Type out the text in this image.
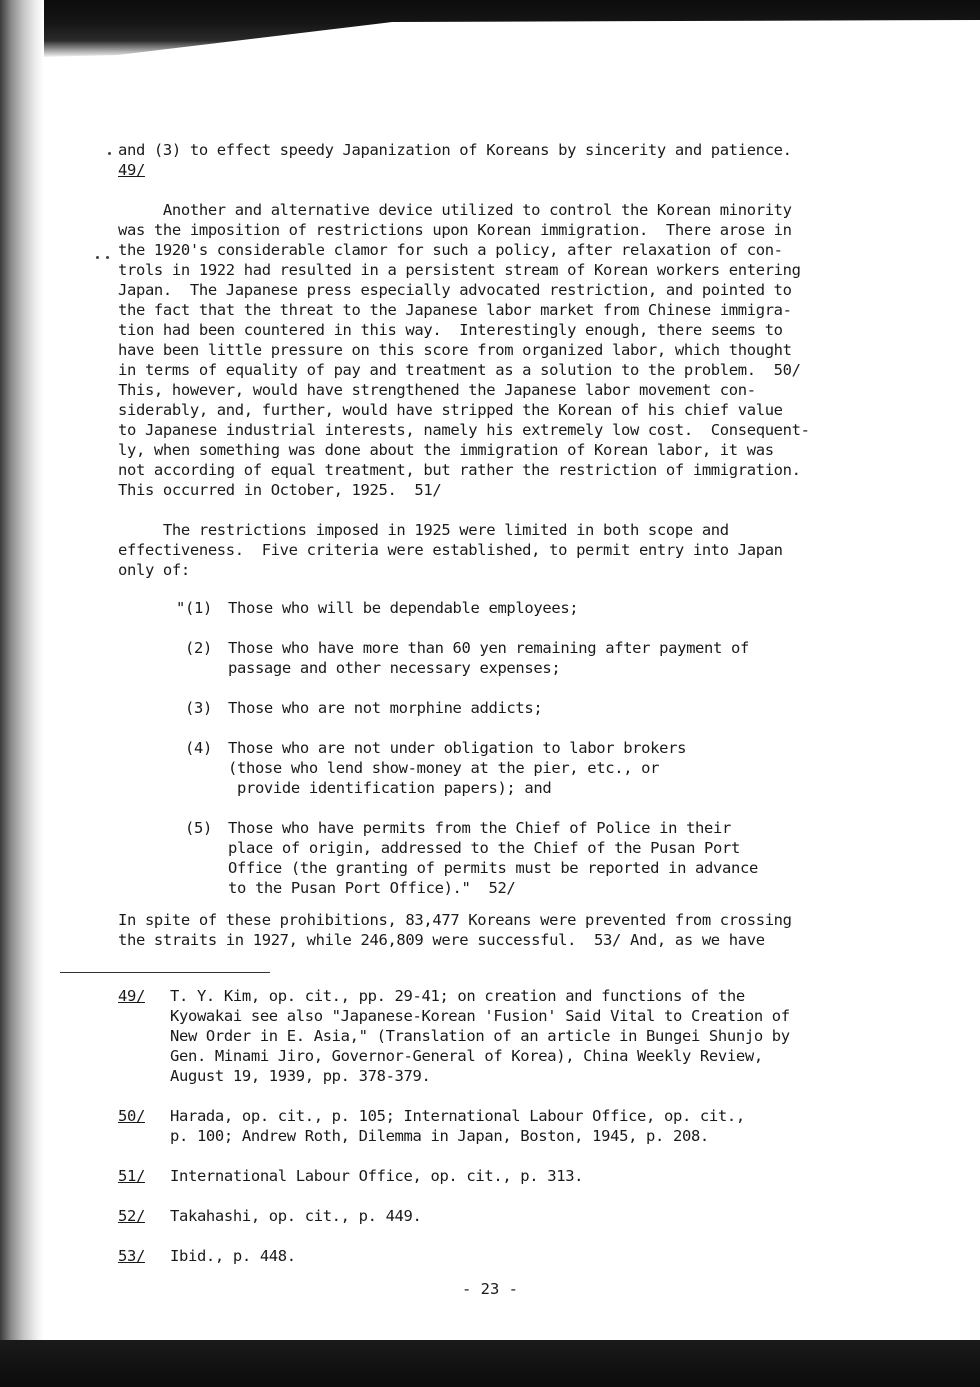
and (3) to effect speedy Japanization of Koreans by sincerity and patience.
49/
Another and alternative device utilized to control the Korean minority
was the imposition of restrictions upon Korean immigration.  There arose in
the 1920's considerable clamor for such a policy, after relaxation of con-
trols in 1922 had resulted in a persistent stream of Korean workers entering
Japan.  The Japanese press especially advocated restriction, and pointed to
the fact that the threat to the Japanese labor market from Chinese immigra-
tion had been countered in this way.  Interestingly enough, there seems to
have been little pressure on this score from organized labor, which thought
in terms of equality of pay and treatment as a solution to the problem.  50/
This, however, would have strengthened the Japanese labor movement con-
siderably, and, further, would have stripped the Korean of his chief value
to Japanese industrial interests, namely his extremely low cost.  Consequent-
ly, when something was done about the immigration of Korean labor, it was
not according of equal treatment, but rather the restriction of immigration.
This occurred in October, 1925.  51/
The restrictions imposed in 1925 were limited in both scope and
effectiveness.  Five criteria were established, to permit entry into Japan
only of:
"(1)	Those who will be dependable employees;
(2)	Those who have more than 60 yen remaining after payment of
passage and other necessary expenses;
(3)	Those who are not morphine addicts;
(4)	Those who are not under obligation to labor brokers
(those who lend show-money at the pier, etc., or
provide identification papers); and
(5)	Those who have permits from the Chief of Police in their
place of origin, addressed to the Chief of the Pusan Port
Office (the granting of permits must be reported in advance
to the Pusan Port Office)."  52/
In spite of these prohibitions, 83,477 Koreans were prevented from crossing
the straits in 1927, while 246,809 were successful.  53/ And, as we have
49/	T. Y. Kim, op. cit., pp. 29-41; on creation and functions of the
Kyowakai see also "Japanese-Korean 'Fusion' Said Vital to Creation of
New Order in E. Asia," (Translation of an article in Bungei Shunjo by
Gen. Minami Jiro, Governor-General of Korea), China Weekly Review,
August 19, 1939, pp. 378-379.
50/	Harada, op. cit., p. 105; International Labour Office, op. cit.,
p. 100; Andrew Roth, Dilemma in Japan, Boston, 1945, p. 208.
51/	International Labour Office, op. cit., p. 313.
52/	Takahashi, op. cit., p. 449.
53/	Ibid., p. 448.
- 23 -
